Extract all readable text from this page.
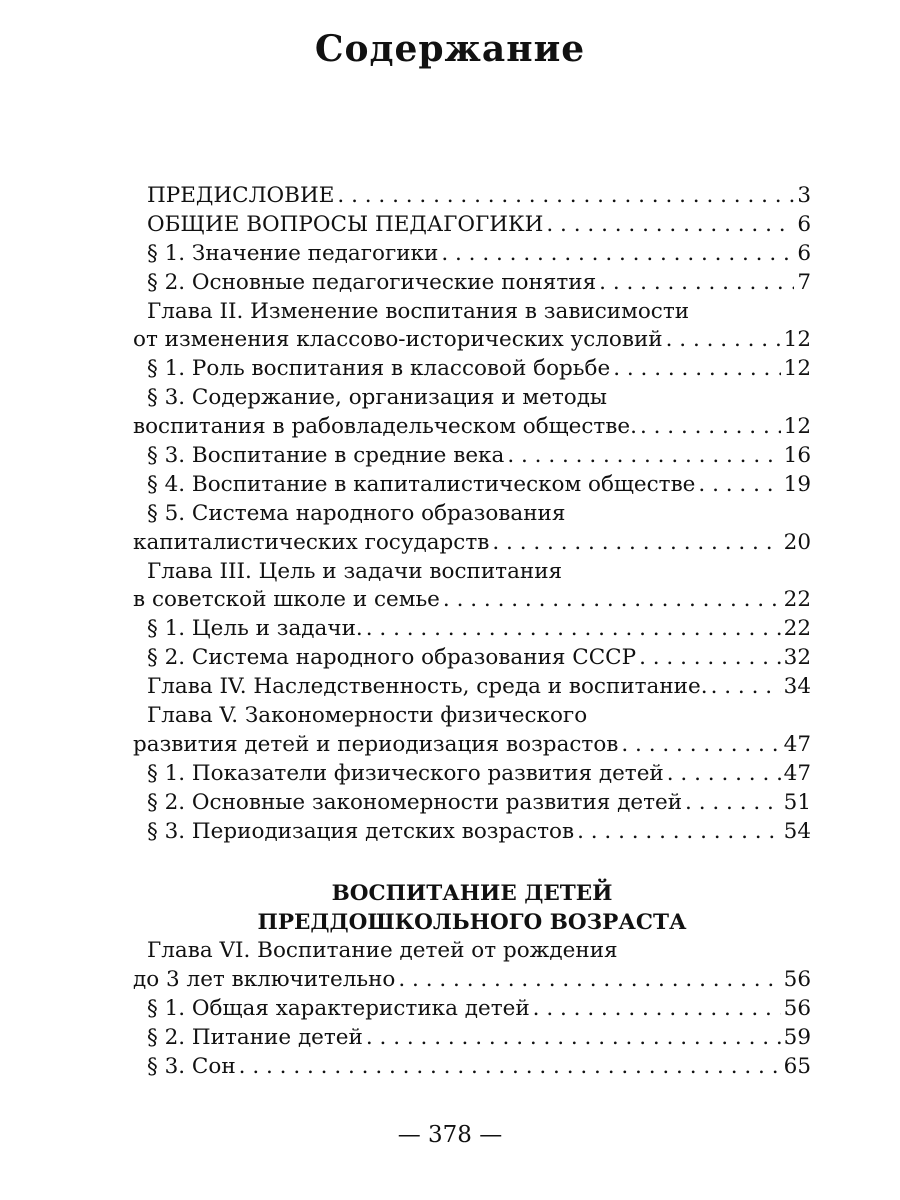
Содержание
ПРЕДИСЛОВИЕ . . .	3
ОБЩИЕ ВОПРОСЫ ПЕДАГОГИКИ . . .	6
§ 1. Значение педагогики . . .	6
§ 2. Основные педагогические понятия . . .	7
Глава II. Изменение воспитания в зависимости
от изменения классово-исторических условий . . .	12
§ 1. Роль воспитания в классовой борьбе . . .	12
§ 3. Содержание, организация и методы
воспитания в рабовладельческом обществе. . . .	12
§ 3. Воспитание в средние века . . .	16
§ 4. Воспитание в капиталистическом обществе . . .	19
§ 5. Система народного образования
капиталистических государств . . .	20
Глава III. Цель и задачи воспитания
в советской школе и семье . . .	22
§ 1. Цель и задачи. . . .	22
§ 2. Система народного образования СССР . . .	32
Глава IV. Наследственность, среда и воспитание. . . .	34
Глава V. Закономерности физического
развития детей и периодизация возрастов . . .	47
§ 1. Показатели физического развития детей . . .	47
§ 2. Основные закономерности развития детей . . .	51
§ 3. Периодизация детских возрастов . . .	54
ВОСПИТАНИЕ ДЕТЕЙ
ПРЕДДОШКОЛЬНОГО ВОЗРАСТА
Глава VI. Воспитание детей от рождения
до 3 лет включительно . . .	56
§ 1. Общая характеристика детей . . .	56
§ 2. Питание детей . . .	59
§ 3. Сон . . .	65
— 378 —
